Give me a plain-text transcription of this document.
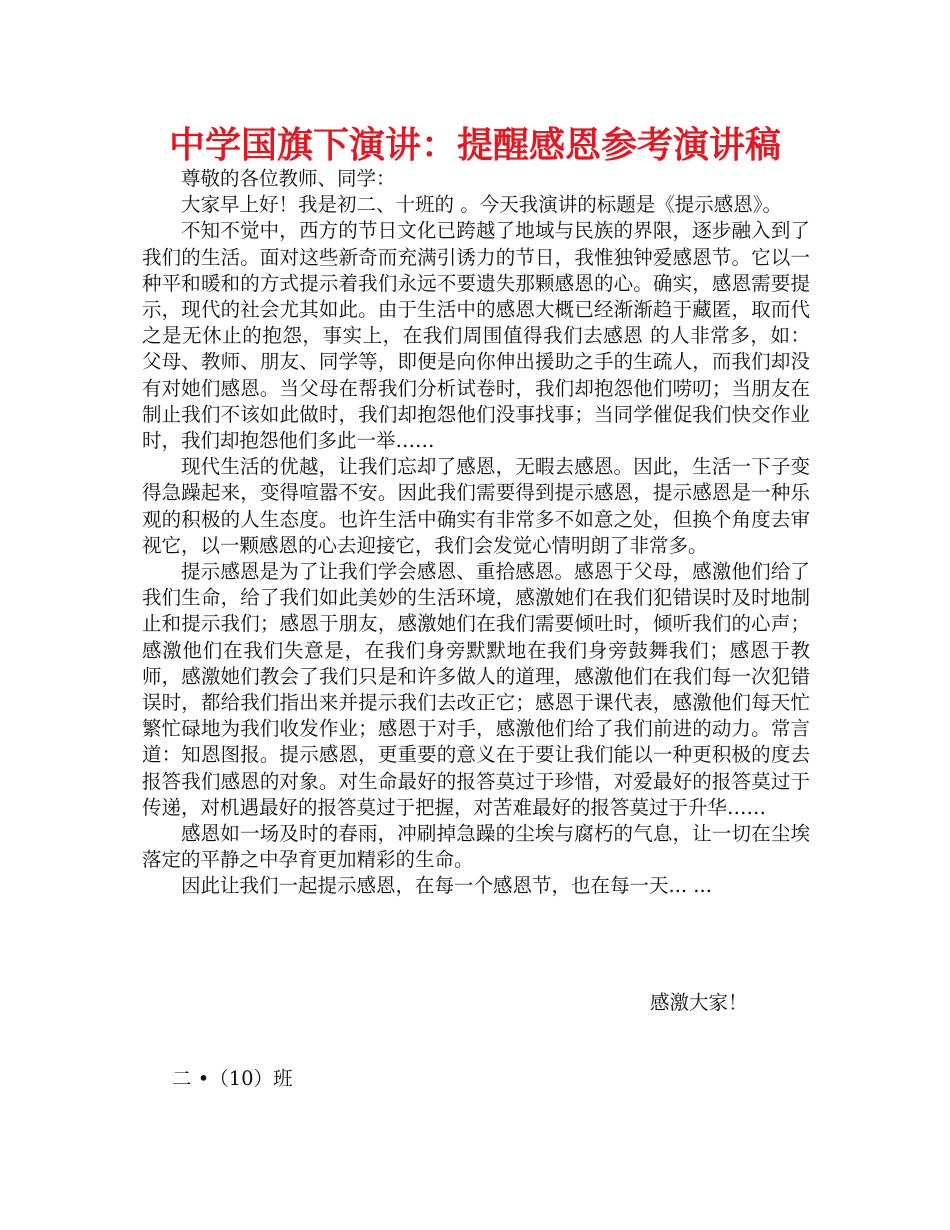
中学国旗下演讲：提醒感恩参考演讲稿

尊敬的各位教师、同学：

大家早上好！我是初二、十班的 。今天我演讲的标题是《提示感恩》。

不知不觉中，西方的节日文化已跨越了地域与民族的界限，逐步融入到了我们的生活。面对这些新奇而充满引诱力的节日，我惟独钟爱感恩节。它以一种平和暖和的方式提示着我们永远不要遗失那颗感恩的心。确实，感恩需要提示，现代的社会尤其如此。由于生活中的感恩大概已经渐渐趋于藏匿，取而代之是无休止的抱怨，事实上，在我们周围值得我们去感恩 的人非常多，如：父母、教师、朋友、同学等，即便是向你伸出援助之手的生疏人，而我们却没有对她们感恩。当父母在帮我们分析试卷时，我们却抱怨他们唠叨；当朋友在制止我们不该如此做时，我们却抱怨他们没事找事；当同学催促我们快交作业时，我们却抱怨他们多此一举……

现代生活的优越，让我们忘却了感恩，无暇去感恩。因此，生活一下子变得急躁起来，变得喧嚣不安。因此我们需要得到提示感恩，提示感恩是一种乐观的积极的人生态度。也许生活中确实有非常多不如意之处，但换个角度去审视它，以一颗感恩的心去迎接它，我们会发觉心情明朗了非常多。

提示感恩是为了让我们学会感恩、重拾感恩。感恩于父母，感激他们给了我们生命，给了我们如此美妙的生活环境，感激她们在我们犯错误时及时地制止和提示我们；感恩于朋友，感激她们在我们需要倾吐时，倾听我们的心声；感激他们在我们失意是，在我们身旁默默地在我们身旁鼓舞我们；感恩于教师，感激她们教会了我们只是和许多做人的道理，感激他们在我们每一次犯错误时，都给我们指出来并提示我们去改正它；感恩于课代表，感激他们每天忙繁忙碌地为我们收发作业；感恩于对手，感激他们给了我们前进的动力。常言道：知恩图报。提示感恩，更重要的意义在于要让我们能以一种更积极的度去报答我们感恩的对象。对生命最好的报答莫过于珍惜，对爱最好的报答莫过于传递，对机遇最好的报答莫过于把握，对苦难最好的报答莫过于升华……

感恩如一场及时的春雨，冲刷掉急躁的尘埃与腐朽的气息，让一切在尘埃落定的平静之中孕育更加精彩的生命。

因此让我们一起提示感恩，在每一个感恩节，也在每一天... ...

感激大家！
二 •（10）班
